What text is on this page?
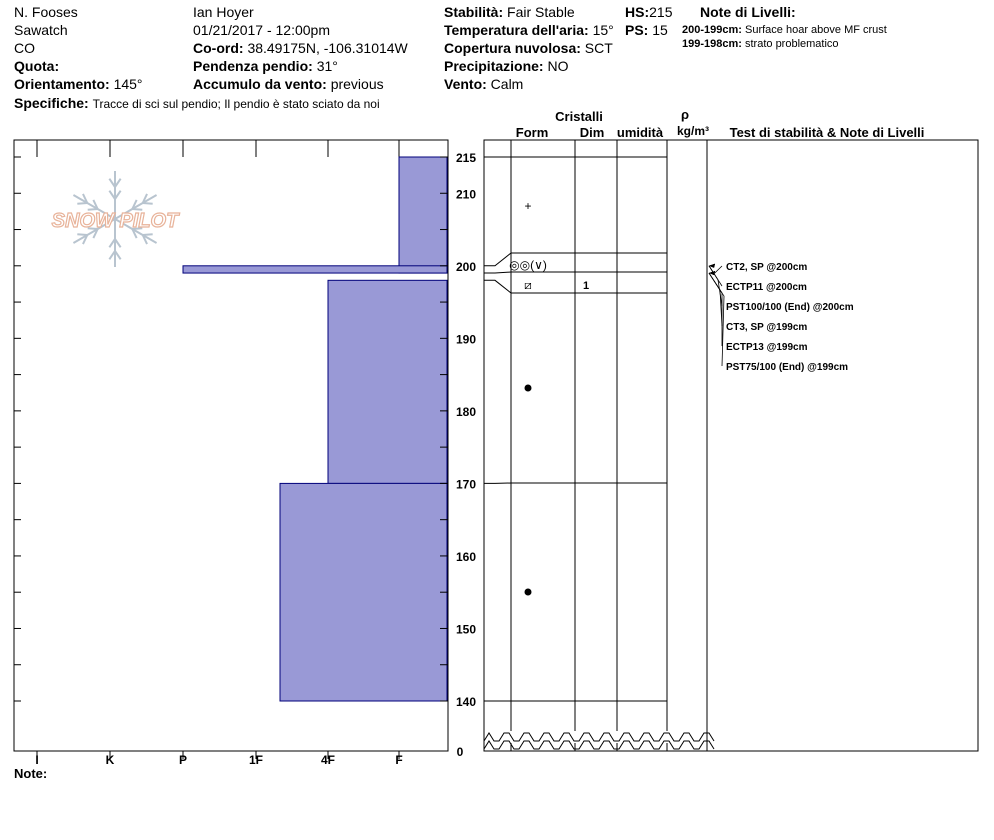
N. Fooses
Sawatch
CO
Quota:
Orientamento: 145°
Specifiche: Tracce di sci sul pendio; Il pendio è stato sciato da noi
Ian Hoyer
01/21/2017 - 12:00pm
Co-ord: 38.49175N, -106.31014W
Pendenza pendio: 31°
Accumulo da vento: previous
Stabilità: Fair Stable
Temperatura dell'aria: 15°
Copertura nuvolosa: SCT
Precipitazione: NO
Vento: Calm
HS:215
PS: 15
Note di Livelli:
200-199cm: Surface hoar above MF crust
199-198cm: strato problematico
SNOW PILOT
I	K	P	1F	4F	F
140
150
160
170
180
190
200
210
215
0
+
◎◎(∨)
⧄	1
CT2, SP @200cm
ECTP11 @200cm
PST100/100 (End) @200cm
CT3, SP @199cm
ECTP13 @199cm
PST75/100 (End) @199cm
Cristalli
Form Dim umidità
ρ
kg/m³ Test di stabilità & Note di Livelli
Note:
